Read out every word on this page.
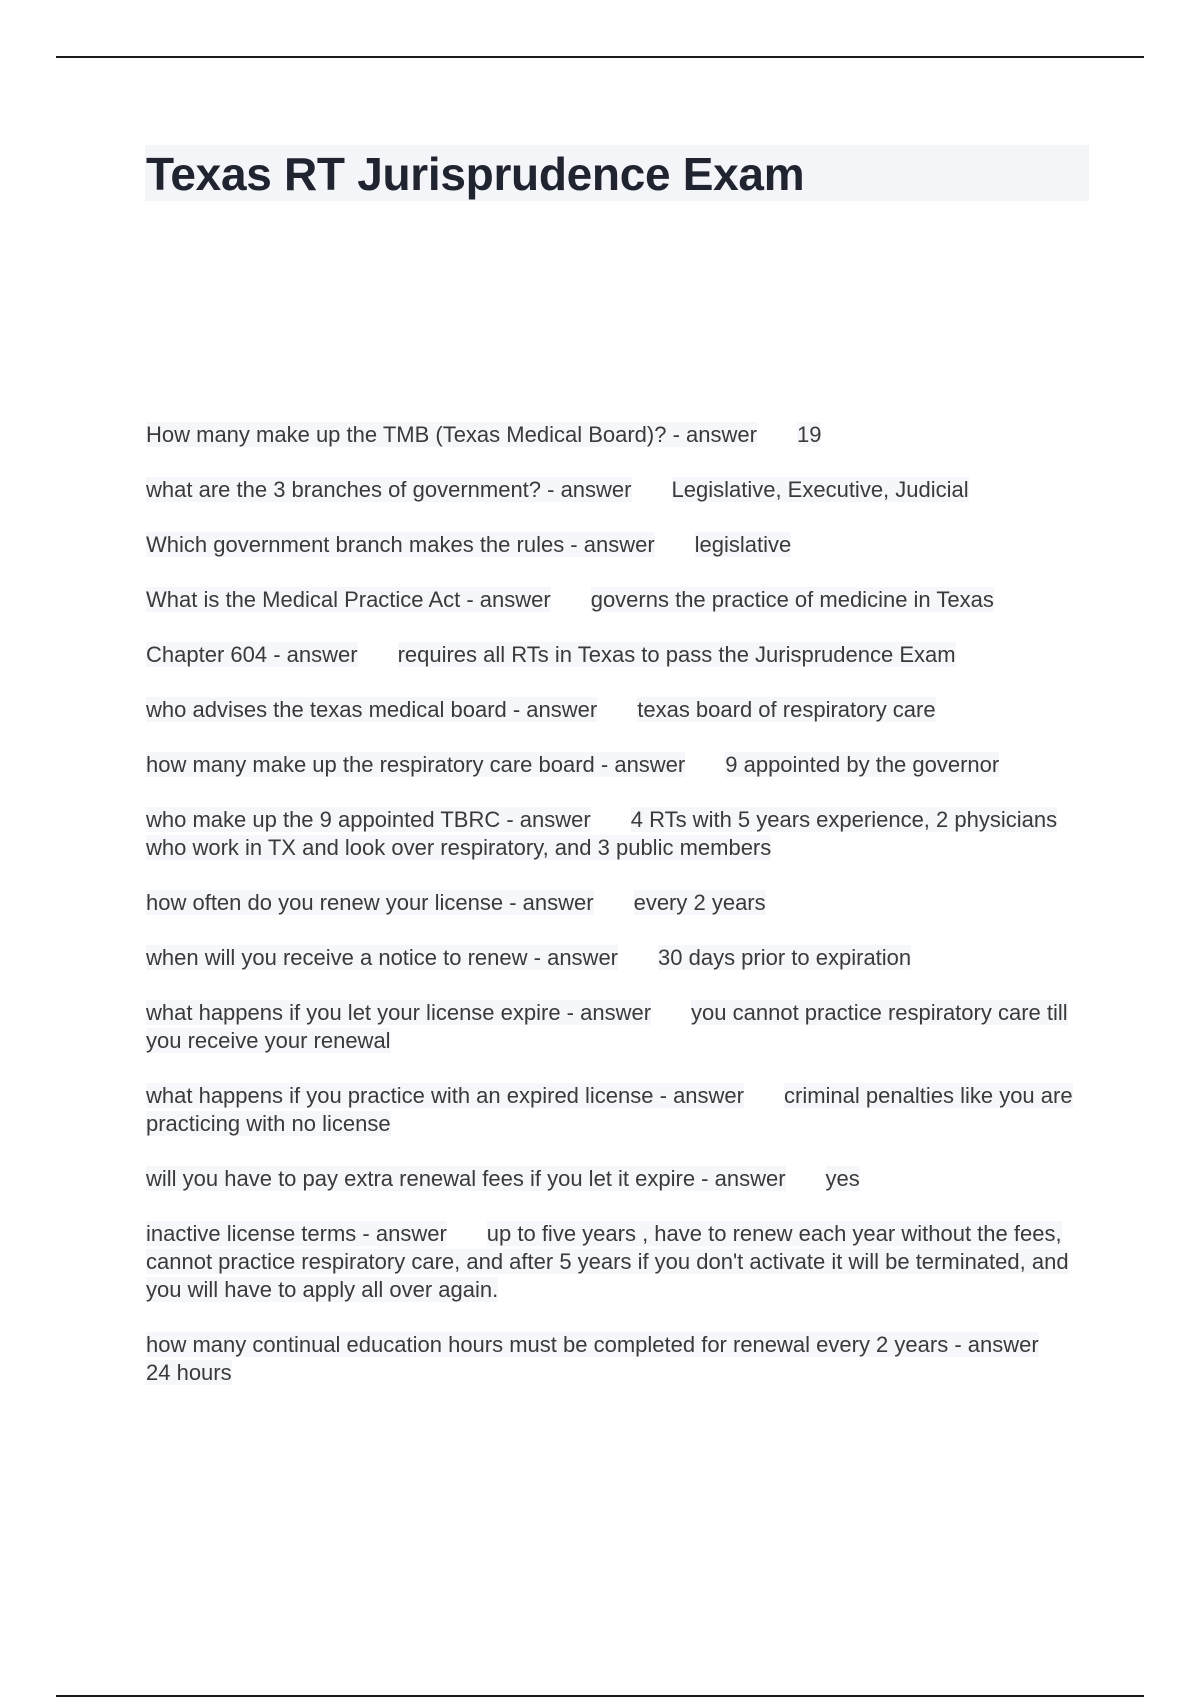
Texas RT Jurisprudence Exam
How many make up the TMB (Texas Medical Board)? - answer 19
what are the 3 branches of government? - answer Legislative, Executive, Judicial
Which government branch makes the rules - answer legislative
What is the Medical Practice Act - answer governs the practice of medicine in Texas
Chapter 604 - answer requires all RTs in Texas to pass the Jurisprudence Exam
who advises the texas medical board - answer texas board of respiratory care
how many make up the respiratory care board - answer 9 appointed by the governor
who make up the 9 appointed TBRC - answer 4 RTs with 5 years experience, 2 physicians who work in TX and look over respiratory, and 3 public members
how often do you renew your license - answer every 2 years
when will you receive a notice to renew - answer 30 days prior to expiration
what happens if you let your license expire - answer you cannot practice respiratory care till you receive your renewal
what happens if you practice with an expired license - answer criminal penalties like you are practicing with no license
will you have to pay extra renewal fees if you let it expire - answer yes
inactive license terms - answer up to five years , have to renew each year without the fees, cannot practice respiratory care, and after 5 years if you don't activate it will be terminated, and you will have to apply all over again.
how many continual education hours must be completed for renewal every 2 years - answer24 hours
